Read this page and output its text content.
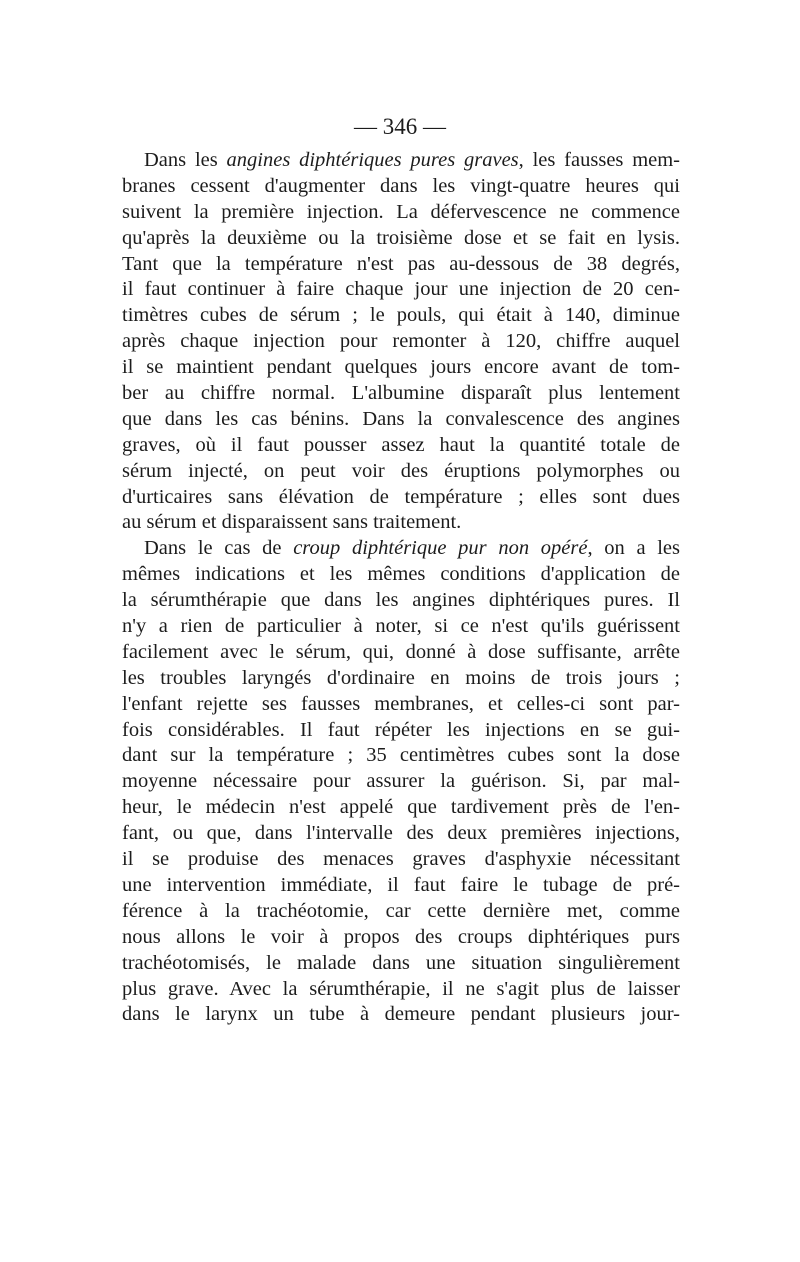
— 346 —
Dans les angines diphtériques pures graves, les fausses mem-
branes cessent d'augmenter dans les vingt-quatre heures qui
suivent la première injection. La défervescence ne commence
qu'après la deuxième ou la troisième dose et se fait en lysis.
Tant que la température n'est pas au-dessous de 38 degrés,
il faut continuer à faire chaque jour une injection de 20 cen-
timètres cubes de sérum ; le pouls, qui était à 140, diminue
après chaque injection pour remonter à 120, chiffre auquel
il se maintient pendant quelques jours encore avant de tom-
ber au chiffre normal. L'albumine disparaît plus lentement
que dans les cas bénins. Dans la convalescence des angines
graves, où il faut pousser assez haut la quantité totale de
sérum injecté, on peut voir des éruptions polymorphes ou
d'urticaires sans élévation de température ; elles sont dues
au sérum et disparaissent sans traitement.
Dans le cas de croup diphtérique pur non opéré, on a les
mêmes indications et les mêmes conditions d'application de
la sérumthérapie que dans les angines diphtériques pures. Il
n'y a rien de particulier à noter, si ce n'est qu'ils guérissent
facilement avec le sérum, qui, donné à dose suffisante, arrête
les troubles laryngés d'ordinaire en moins de trois jours ;
l'enfant rejette ses fausses membranes, et celles-ci sont par-
fois considérables. Il faut répéter les injections en se gui-
dant sur la température ; 35 centimètres cubes sont la dose
moyenne nécessaire pour assurer la guérison. Si, par mal-
heur, le médecin n'est appelé que tardivement près de l'en-
fant, ou que, dans l'intervalle des deux premières injections,
il se produise des menaces graves d'asphyxie nécessitant
une intervention immédiate, il faut faire le tubage de pré-
férence à la trachéotomie, car cette dernière met, comme
nous allons le voir à propos des croups diphtériques purs
trachéotomisés, le malade dans une situation singulièrement
plus grave. Avec la sérumthérapie, il ne s'agit plus de laisser
dans le larynx un tube à demeure pendant plusieurs jour-
